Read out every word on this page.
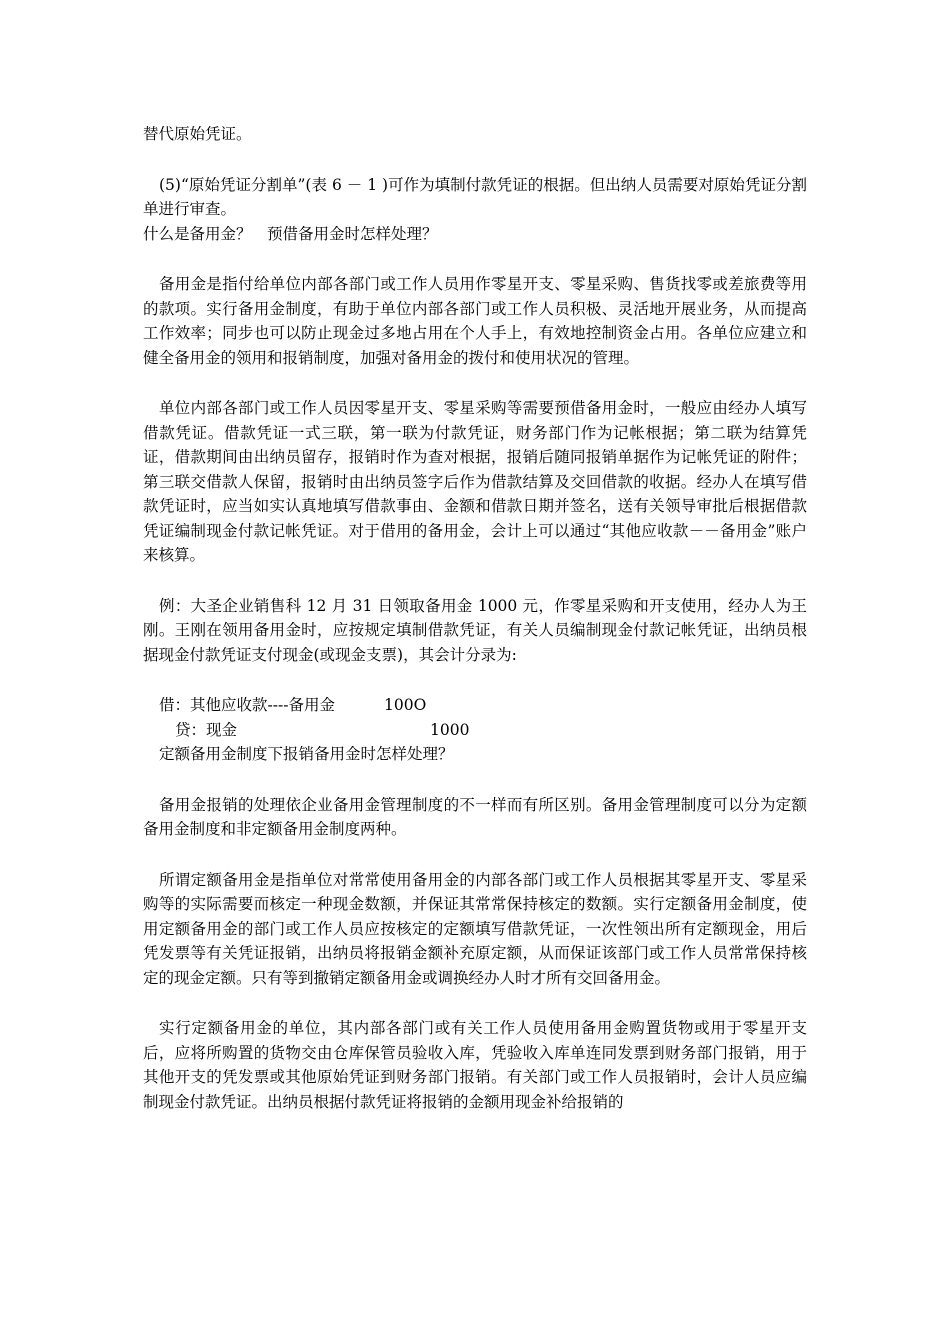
替代原始凭证。

(5)“原始凭证分割单”(表 6 － 1 )可作为填制付款凭证的根据。但出纳人员需要对原始凭证分割单进行审查。

什么是备用金？　预借备用金时怎样处理？

备用金是指付给单位内部各部门或工作人员用作零星开支、零星采购、售货找零或差旅费等用的款项。实行备用金制度，有助于单位内部各部门或工作人员积极、灵活地开展业务，从而提高工作效率；同步也可以防止现金过多地占用在个人手上，有效地控制资金占用。各单位应建立和健全备用金的领用和报销制度，加强对备用金的拨付和使用状况的管理。

单位内部各部门或工作人员因零星开支、零星采购等需要预借备用金时，一般应由经办人填写借款凭证。借款凭证一式三联，第一联为付款凭证，财务部门作为记帐根据；第二联为结算凭证，借款期间由出纳员留存，报销时作为查对根据，报销后随同报销单据作为记帐凭证的附件；第三联交借款人保留，报销时由出纳员签字后作为借款结算及交回借款的收据。经办人在填写借款凭证时，应当如实认真地填写借款事由、金额和借款日期并签名，送有关领导审批后根据借款凭证编制现金付款记帐凭证。对于借用的备用金，会计上可以通过“其他应收款－－备用金”账户来核算。

例：大圣企业销售科 12 月 31 日领取备用金 1000 元，作零星采购和开支使用，经办人为王刚。王刚在领用备用金时，应按规定填制借款凭证，有关人员编制现金付款记帐凭证，出纳员根据现金付款凭证支付现金(或现金支票)，其会计分录为:

借：其他应收款----备用金	100O
贷：现金	1000

定额备用金制度下报销备用金时怎样处理？

备用金报销的处理依企业备用金管理制度的不一样而有所区别。备用金管理制度可以分为定额备用金制度和非定额备用金制度两种。

所谓定额备用金是指单位对常常使用备用金的内部各部门或工作人员根据其零星开支、零星采购等的实际需要而核定一种现金数额，并保证其常常保持核定的数额。实行定额备用金制度，使用定额备用金的部门或工作人员应按核定的定额填写借款凭证，一次性领出所有定额现金，用后凭发票等有关凭证报销，出纳员将报销金额补充原定额，从而保证该部门或工作人员常常保持核定的现金定额。只有等到撤销定额备用金或调换经办人时才所有交回备用金。

实行定额备用金的单位，其内部各部门或有关工作人员使用备用金购置货物或用于零星开支后，应将所购置的货物交由仓库保管员验收入库，凭验收入库单连同发票到财务部门报销，用于其他开支的凭发票或其他原始凭证到财务部门报销。有关部门或工作人员报销时，会计人员应编制现金付款凭证。出纳员根据付款凭证将报销的金额用现金补给报销的
